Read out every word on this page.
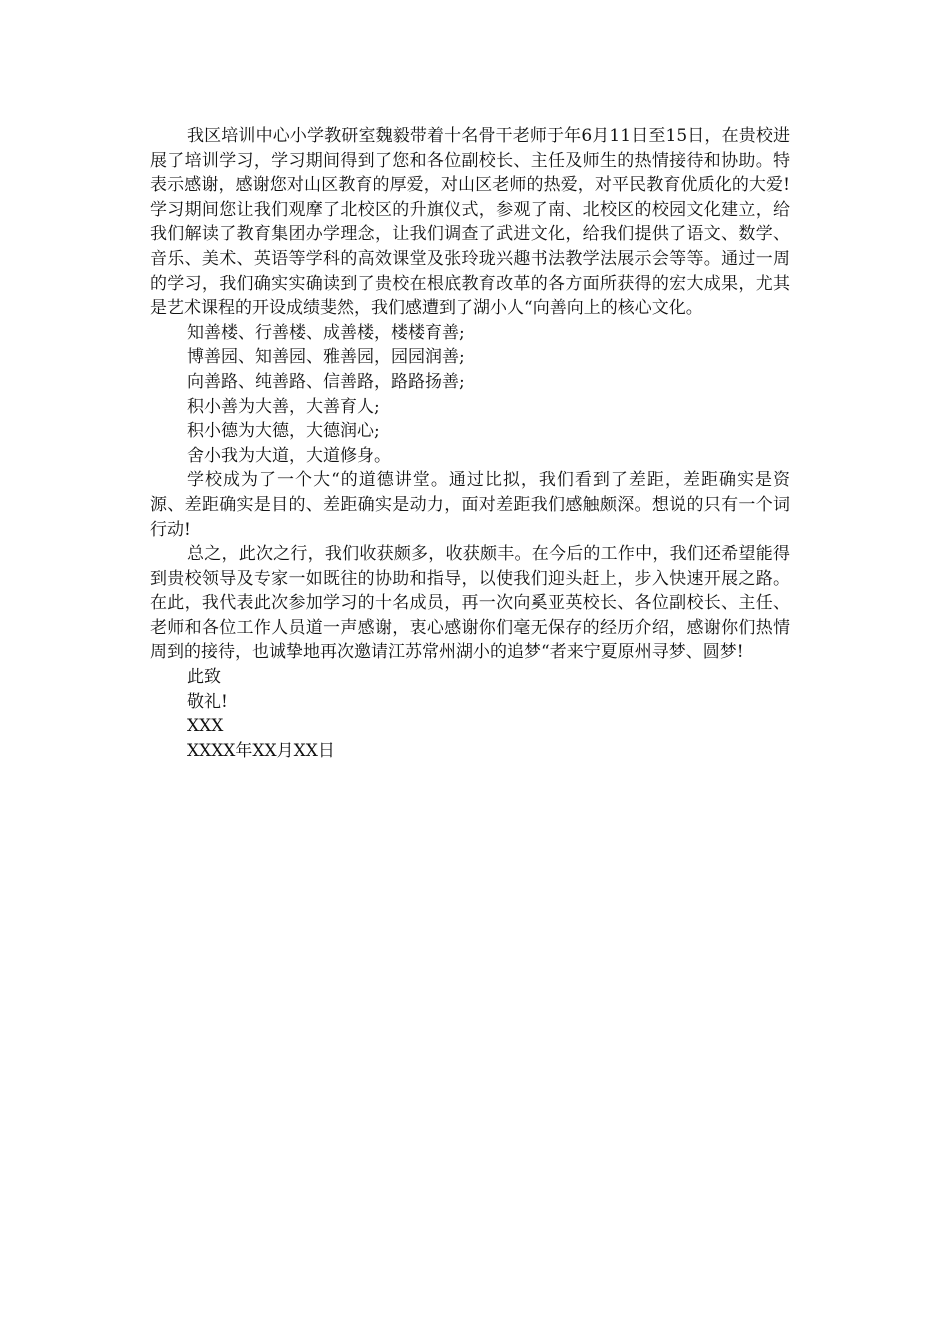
我区培训中心小学教研室魏毅带着十名骨干老师于年6月11日至15日，在贵校进展了培训学习，学习期间得到了您和各位副校长、主任及师生的热情接待和协助。特表示感谢，感谢您对山区教育的厚爱，对山区老师的热爱，对平民教育优质化的大爱!学习期间您让我们观摩了北校区的升旗仪式，参观了南、北校区的校园文化建立，给我们解读了教育集团办学理念，让我们调查了武进文化，给我们提供了语文、数学、音乐、美术、英语等学科的高效课堂及张玲珑兴趣书法教学法展示会等等。通过一周的学习，我们确实实确读到了贵校在根底教育改革的各方面所获得的宏大成果，尤其是艺术课程的开设成绩斐然，我们感遭到了湖小人“向善向上的核心文化。

知善楼、行善楼、成善楼，楼楼育善;

博善园、知善园、雅善园，园园润善;

向善路、纯善路、信善路，路路扬善;

积小善为大善，大善育人;

积小德为大德，大德润心;

舍小我为大道，大道修身。

学校成为了一个大“的道德讲堂。通过比拟，我们看到了差距，差距确实是资源、差距确实是目的、差距确实是动力，面对差距我们感触颇深。想说的只有一个词行动!

总之，此次之行，我们收获颇多，收获颇丰。在今后的工作中，我们还希望能得到贵校领导及专家一如既往的协助和指导，以使我们迎头赶上，步入快速开展之路。 在此，我代表此次参加学习的十名成员，再一次向奚亚英校长、各位副校长、主任、老师和各位工作人员道一声感谢，衷心感谢你们毫无保存的经历介绍，感谢你们热情周到的接待，也诚挚地再次邀请江苏常州湖小的追梦“者来宁夏原州寻梦、圆梦!

此致

敬礼!

XXX

XXXX年XX月XX日
